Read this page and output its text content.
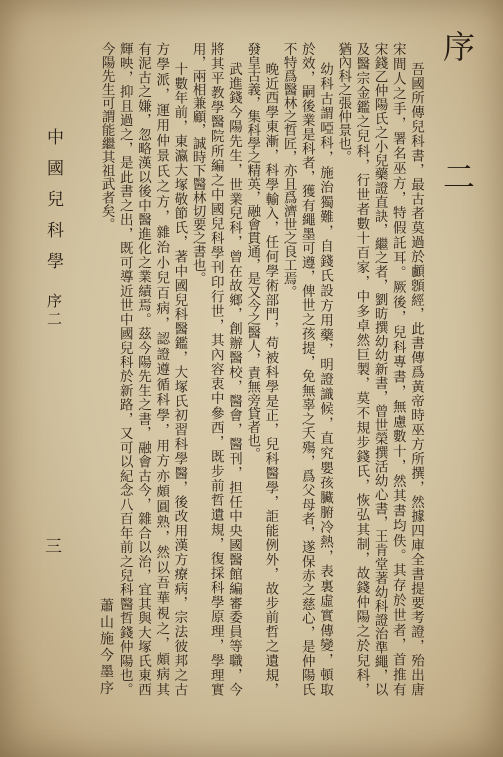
序二
吾國所傳兒科書，最古者莫過於顱顖經，此書傳爲黃帝時巫方所撰，然據四庫全書提要考證，殆出唐
宋間人之手，署名巫方，特假託耳。厥後，兒科專書，無慮數十，然其書均佚。其存於世者，首推有
宋錢乙仲陽氏之小兒藥證直訣，繼之者，劉昉撰幼幼新書，曾世榮撰活幼心書，王肯堂著幼科證治準繩，以
及醫宗金鑑之兒科，行世者數十百家，中多卓然巨製，莫不規步錢氏，恢弘其制，故錢仲陽之於兒科，
猶內科之張仲景也。
幼科古謂啞科，施治獨難，自錢氏設方用藥，明證識候，直究嬰孩臟腑冷熱，表裏虛實傳變，頓取
於效，嗣後業是科者，獲有繩墨可遵，俾世之孩提，免無辜之夭殤，爲父母者，遂保赤之慈心，是仲陽氏
不特爲醫林之哲匠，亦且爲濟世之良工焉。
晚近西學東漸，科學輸入，任何學術部門，苟被科學是正，兒科醫學，詎能例外，故步前哲之遺規，
發皇古義，集科學之精英，融會貫通，是又今之醫人，責無旁貸者也。
武進錢今陽先生，世業兒科，曾在故鄉，創辦醫校，醫會，醫刊，担任中央國醫館編審委員等職，今
將其平教學醫院所編之中國兒科學刊印行世，其內容衷中參西，既步前哲遺規，復採科學原理，學理實
用，兩相兼顧，誠時下醫林切要之書也。
十數年前，東瀛大塚敬節氏，著中國兒科醫鑑，大塚氏初習科學醫，後改用漢方療病，宗法彼邦之古
方學派，運用仲景氏之方，雜治小兒百病，認證遵循科學，用方亦頗圓熟，然以吾華視之，頗病其
有泥古之嫌，忽略漢以後中醫進化之業績焉。茲今陽先生之書，融會古今，雜合以治，宜其與大塚氏東西
輝映，抑且過之，是此書之出，既可導近世中國兒科於新路，又可以紀念八百年前之兒科醫哲錢仲陽也。
今陽先生可謂能繼其祖武者矣。
蕭山施今墨序
中國兒科學
序二
三
